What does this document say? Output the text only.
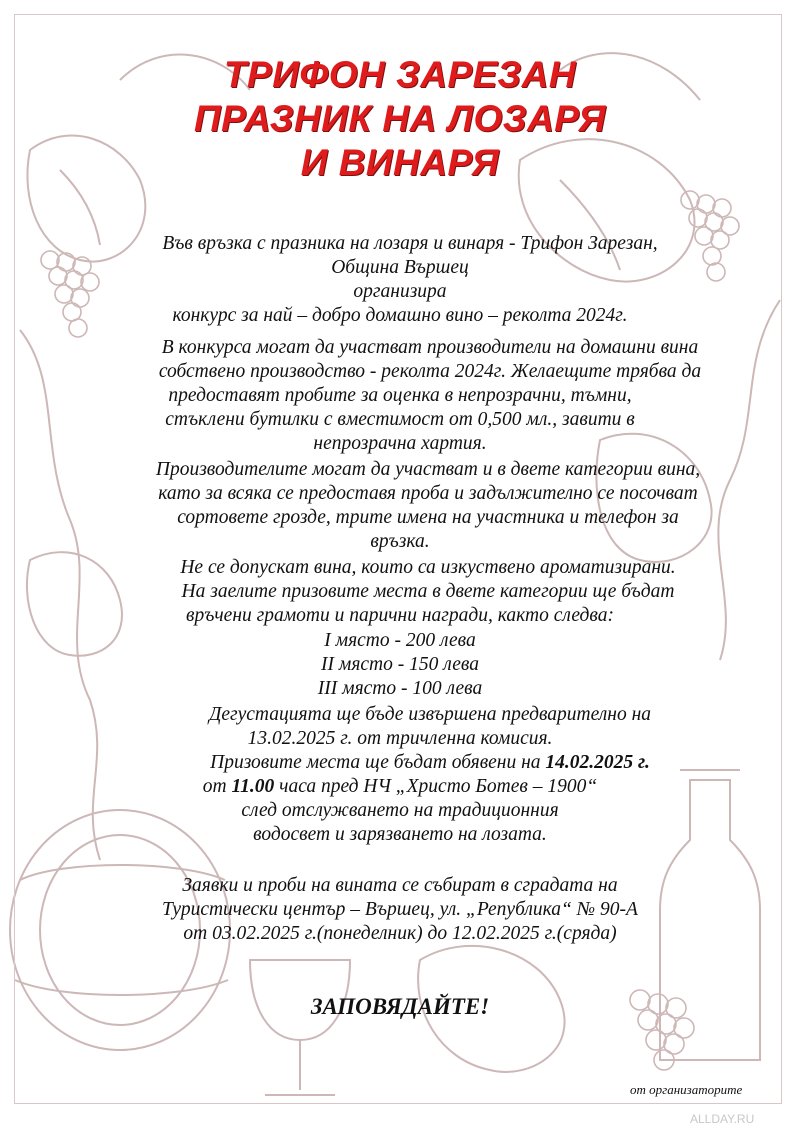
ТРИФОН ЗАРЕЗАН
ПРАЗНИК НА ЛОЗАРЯ
И ВИНАРЯ
Във връзка с празника на лозаря и винаря - Трифон Зарезан,
Община Вършец
организира
конкурс за най – добро домашно вино – реколта 2024г.
В конкурса могат да участват производители на домашни вина
собствено производство - реколта 2024г. Желаещите трябва да
предоставят пробите за оценка в непрозрачни, тъмни,
стъклени бутилки с вместимост от 0,500 мл., завити в
непрозрачна хартия.
Производителите могат да участват и в двете категории вина,
като за всяка се предоставя проба и задължително се посочват
сортовете грозде, трите имена на участника и телефон за
връзка.
Не се допускат вина, които са изкуствено ароматизирани.
На заелите призовите места в двете категории ще бъдат
връчени грамоти и парични награди, както следва:
I място - 200 лева
II място - 150 лева
III място - 100 лева
Дегустацията ще бъде извършена предварително на
13.02.2025 г. от тричленна комисия.
Призовите места ще бъдат обявени на 14.02.2025 г.
от 11.00 часа пред НЧ „Христо Ботев – 1900“
след отслужването на традиционния
водосвет и зарязването на лозата.
Заявки и проби на вината се събират в сградата на
Туристически център – Вършец, ул. „Република“ № 90-А
от 03.02.2025 г.(понеделник) до 12.02.2025 г.(сряда)
ЗАПОВЯДАЙТЕ!
от организаторите
ALLDAY.RU
